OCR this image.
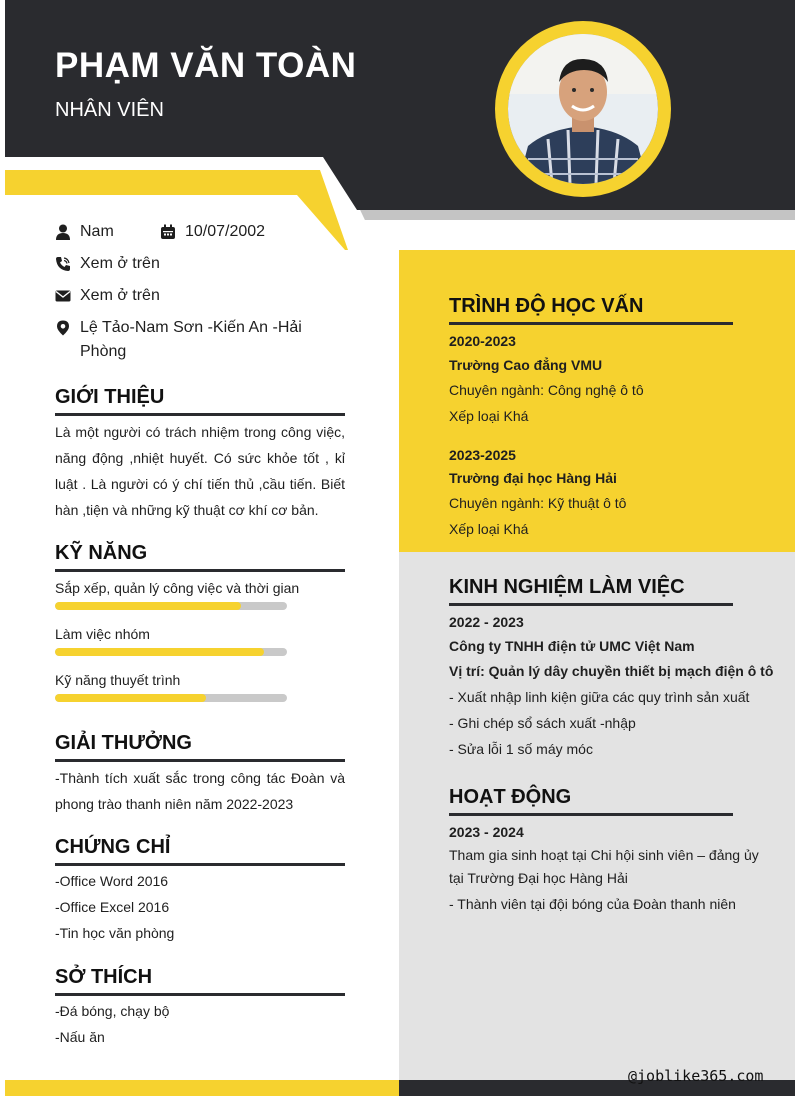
PHẠM VĂN TOÀN

NHÂN VIÊN

Nam	10/07/2002
Xem ở trên
Xem ở trên
Lệ Tảo-Nam Sơn -Kiến An -Hải Phòng
GIỚI THIỆU

Là một người có trách nhiệm trong công việc, năng động ,nhiệt huyết. Có sức khỏe tốt , kỉ luật . Là người có ý chí tiến thủ ,cầu tiến. Biết hàn ,tiện và những kỹ thuật cơ khí cơ bản.

KỸ NĂNG
Sắp xếp, quản lý công việc và thời gian
Làm việc nhóm
Kỹ năng thuyết trình
GIẢI THƯỞNG

-Thành tích xuất sắc trong công tác Đoàn và phong trào thanh niên năm 2022-2023

CHỨNG CHỈ
-Office Word 2016
-Office Excel 2016
-Tin học văn phòng
SỞ THÍCH
-Đá bóng, chạy bộ
-Nấu ăn
TRÌNH ĐỘ HỌC VẤN
2020-2023
Trường Cao đẳng VMU
Chuyên ngành: Công nghệ ô tô
Xếp loại Khá
2023-2025
Trường đại học Hàng Hải
Chuyên ngành: Kỹ thuật ô tô
Xếp loại Khá
KINH NGHIỆM LÀM VIỆC
2022 - 2023
Công ty TNHH điện tử UMC Việt Nam
Vị trí: Quản lý dây chuyền thiết bị mạch điện ô tô
- Xuất nhập linh kiện giữa các quy trình sản xuất
- Ghi chép sổ sách xuất -nhập
- Sửa lỗi 1 số máy móc
HOẠT ĐỘNG
2023 - 2024

Tham gia sinh hoạt tại Chi hội sinh viên – đảng ủy tại Trường Đại học Hàng Hải

- Thành viên tại đội bóng của Đoàn thanh niên
@joblike365.com
